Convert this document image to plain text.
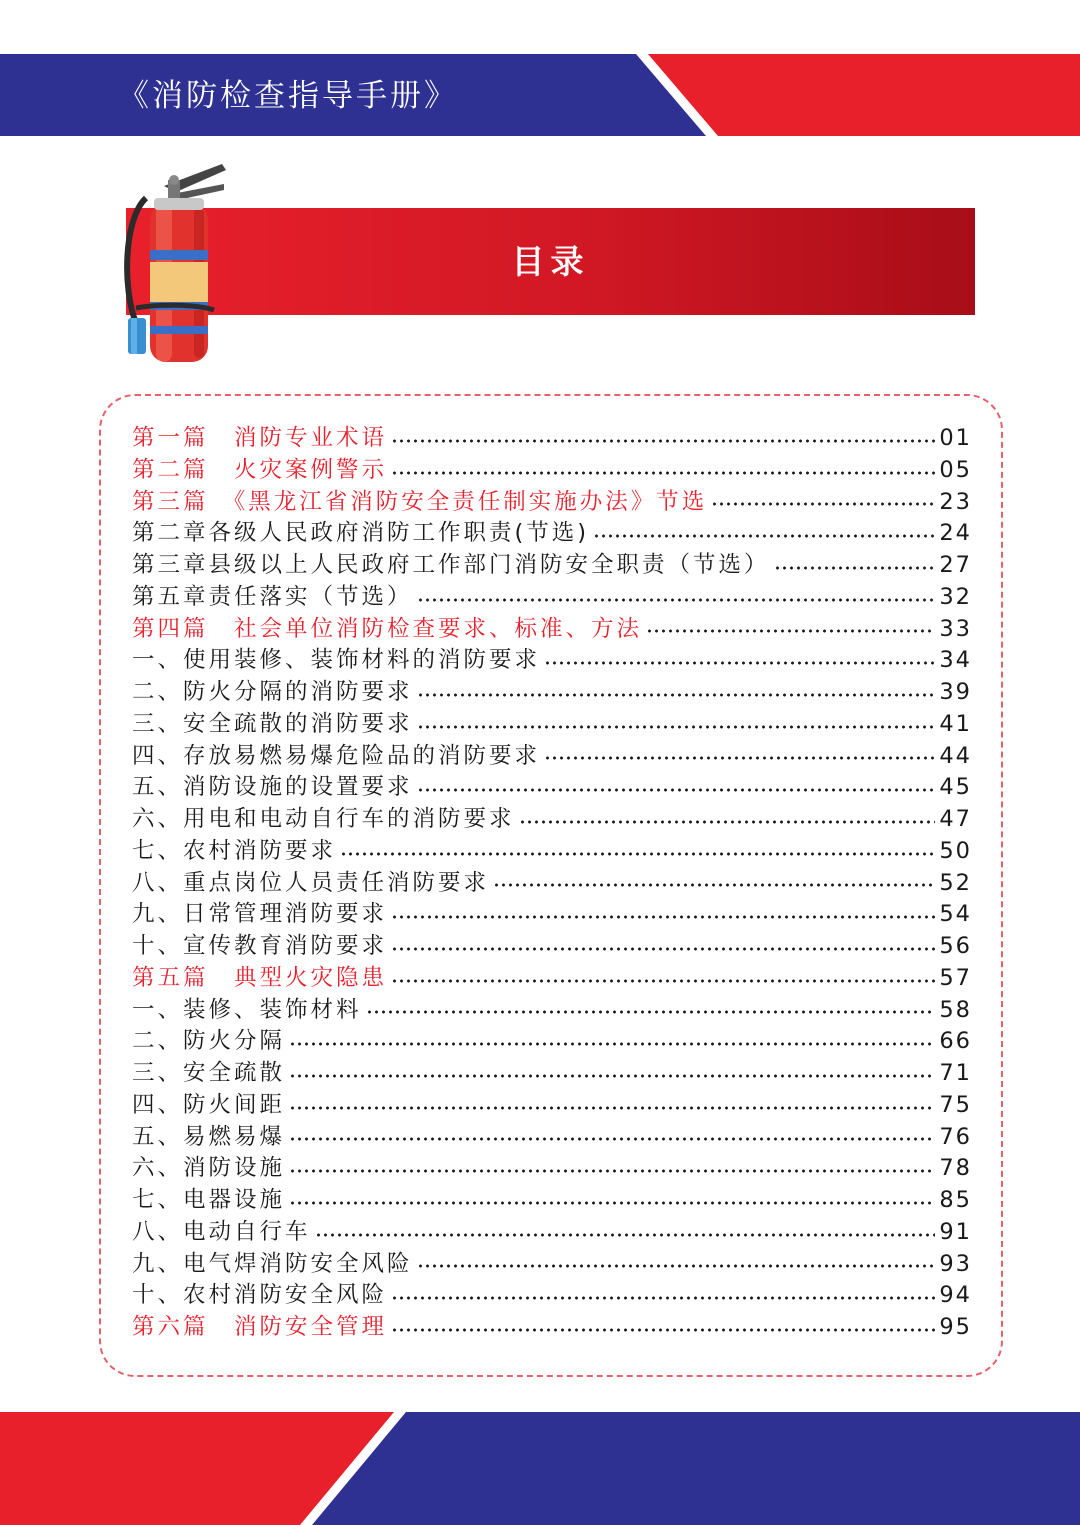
《消防检查指导手册》
目录
第一篇　消防专业术语	01
第二篇　火灾案例警示	05
第三篇　《黑龙江省消防安全责任制实施办法》节选	23
第二章各级人民政府消防工作职责(节选)	24
第三章县级以上人民政府工作部门消防安全职责（节选）	27
第五章责任落实（节选）	32
第四篇　社会单位消防检查要求、标准、方法	33
一、使用装修、装饰材料的消防要求	34
二、防火分隔的消防要求	39
三、安全疏散的消防要求	41
四、存放易燃易爆危险品的消防要求	44
五、消防设施的设置要求	45
六、用电和电动自行车的消防要求	47
七、农村消防要求	50
八、重点岗位人员责任消防要求	52
九、日常管理消防要求	54
十、宣传教育消防要求	56
第五篇　典型火灾隐患	57
一、装修、装饰材料	58
二、防火分隔	66
三、安全疏散	71
四、防火间距	75
五、易燃易爆	76
六、消防设施	78
七、电器设施	85
八、电动自行车	91
九、电气焊消防安全风险	93
十、农村消防安全风险	94
第六篇　消防安全管理	95
